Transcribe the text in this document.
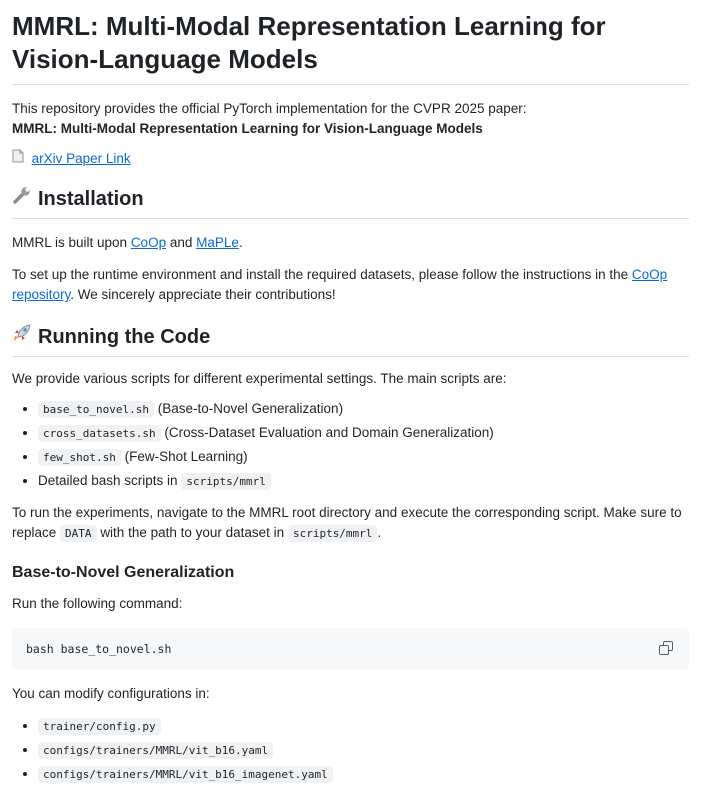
MMRL: Multi-Modal Representation Learning for Vision-Language Models

This repository provides the official PyTorch implementation for the CVPR 2025 paper:

MMRL: Multi-Modal Representation Learning for Vision-Language Models

arXiv Paper Link

Installation

MMRL is built upon CoOp and MaPLe.

To set up the runtime environment and install the required datasets, please follow the instructions in the CoOp repository. We sincerely appreciate their contributions!

Running the Code

We provide various scripts for different experimental settings. The main scripts are:

• base_to_novel.sh (Base-to-Novel Generalization)
• cross_datasets.sh (Cross-Dataset Evaluation and Domain Generalization)
• few_shot.sh (Few-Shot Learning)
• Detailed bash scripts in scripts/mmrl

To run the experiments, navigate to the MMRL root directory and execute the corresponding script. Make sure to replace DATA with the path to your dataset in scripts/mmrl .

Base-to-Novel Generalization

Run the following command:

bash base_to_novel.sh

You can modify configurations in:

• trainer/config.py
• configs/trainers/MMRL/vit_b16.yaml
• configs/trainers/MMRL/vit_b16_imagenet.yaml
